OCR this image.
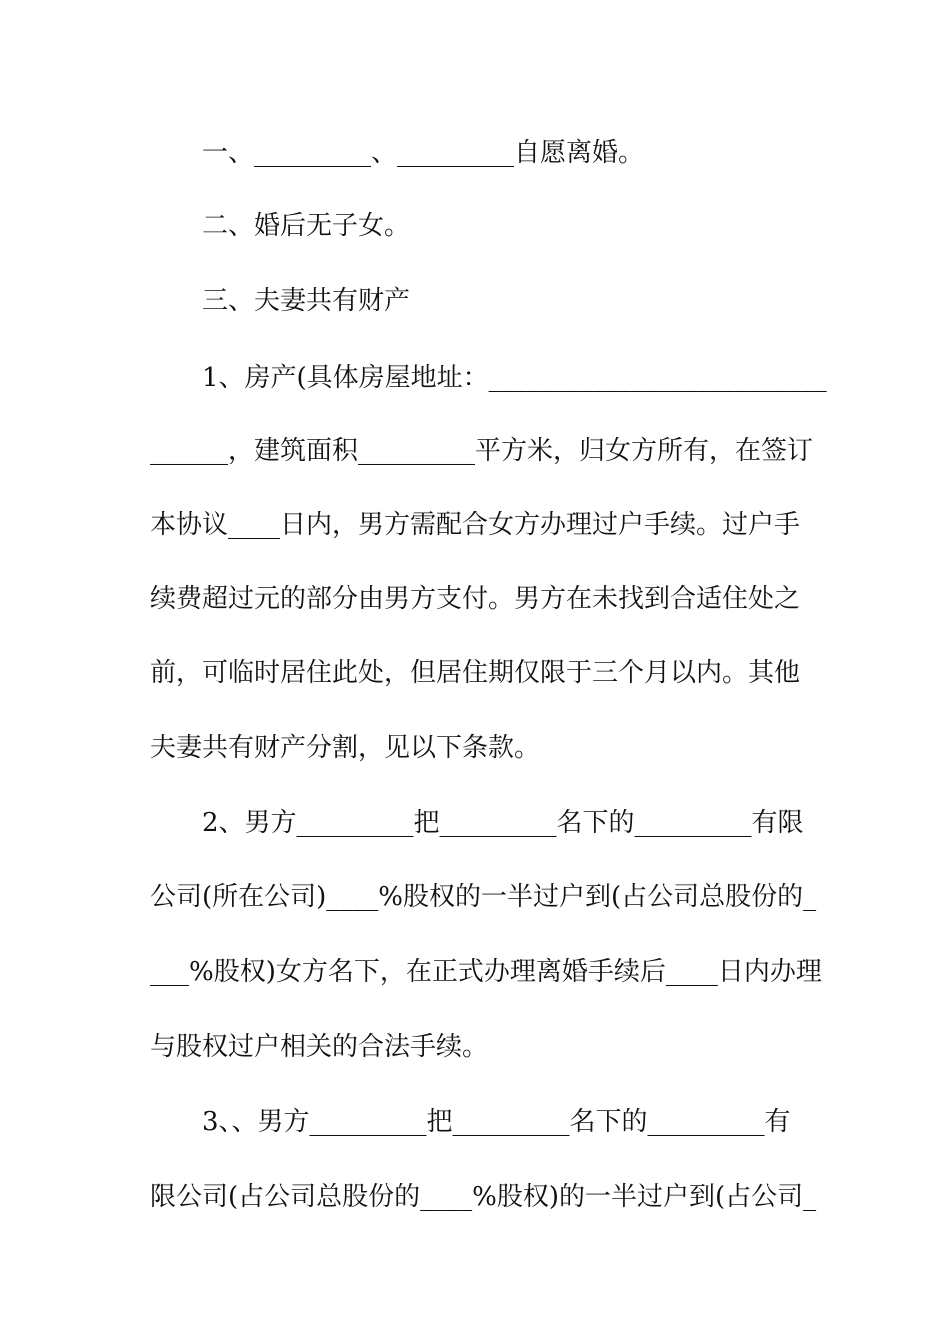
一、_________、_________自愿离婚。
二、婚后无子女。
三、夫妻共有财产
1、房产(具体房屋地址：__________________________
______，建筑面积_________平方米，归女方所有，在签订
本协议____日内，男方需配合女方办理过户手续。过户手
续费超过元的部分由男方支付。男方在未找到合适住处之
前，可临时居住此处，但居住期仅限于三个月以内。其他
夫妻共有财产分割，见以下条款。
2、男方_________把_________名下的_________有限
公司(所在公司)____%股权的一半过户到(占公司总股份的_
___%股权)女方名下，在正式办理离婚手续后____日内办理
与股权过户相关的合法手续。
3、、男方_________把_________名下的_________有
限公司(占公司总股份的____%股权)的一半过户到(占公司_
